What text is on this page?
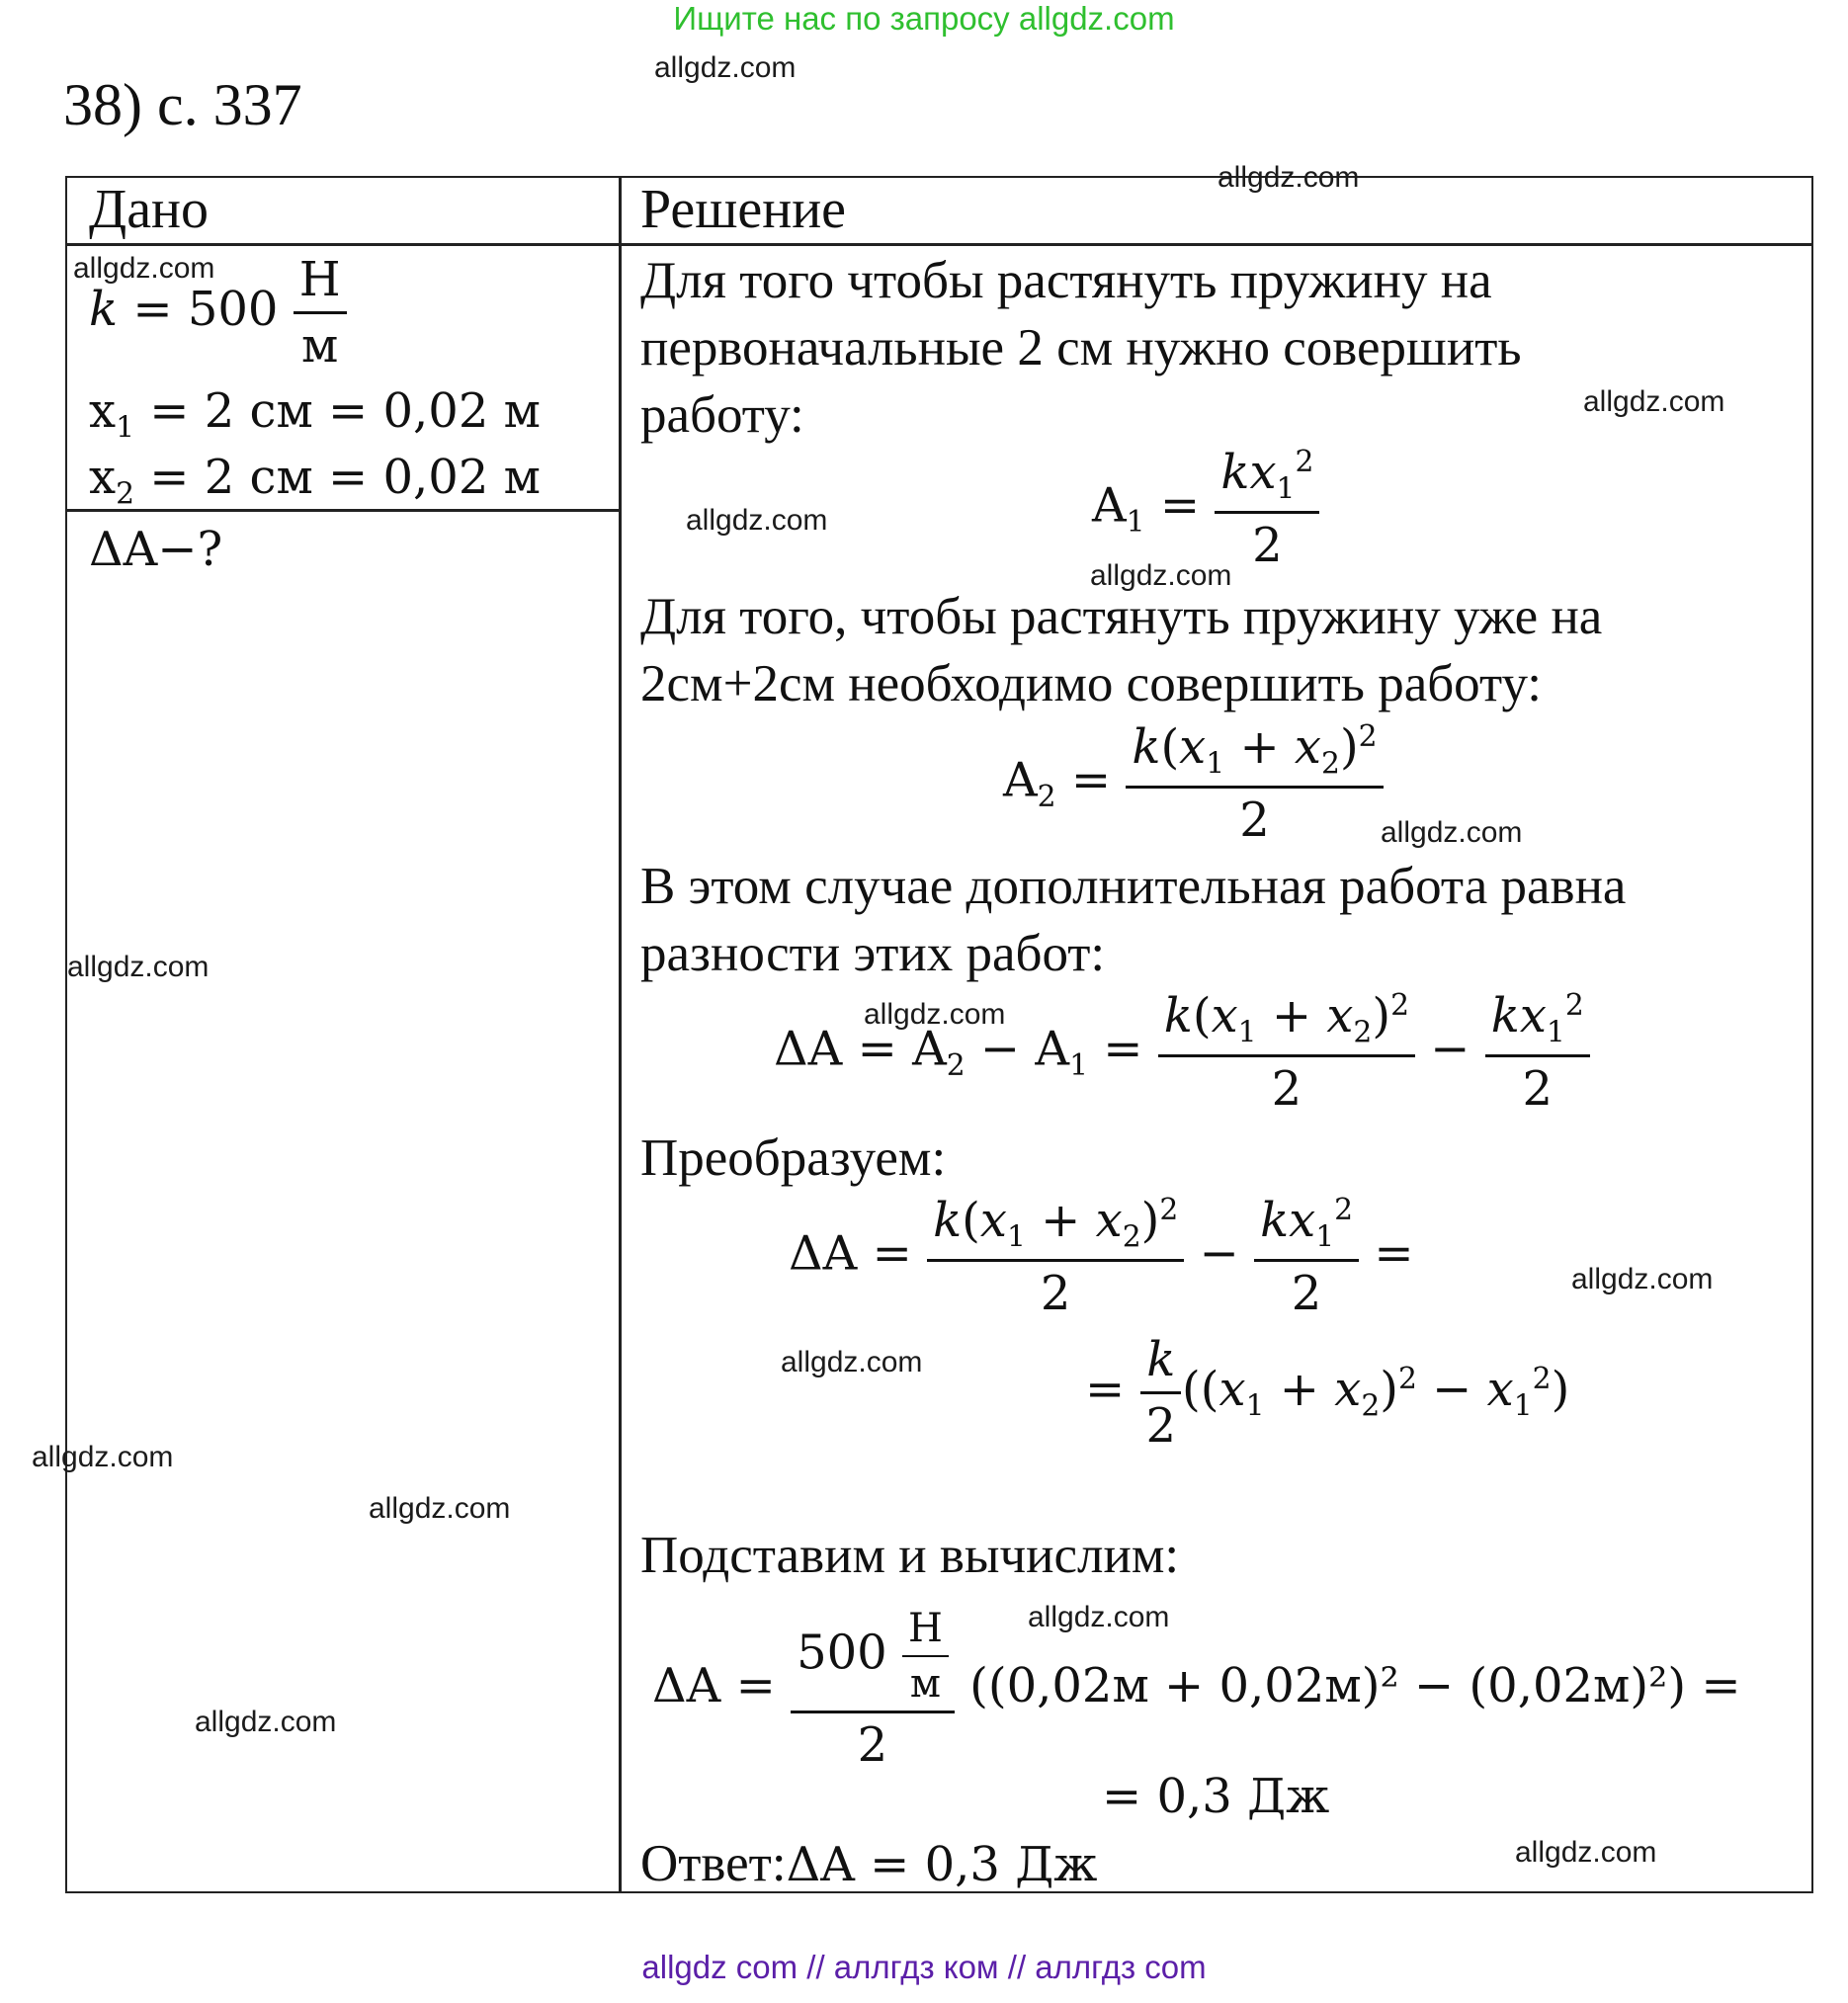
Ищите нас по запросу allgdz.com
38) с. 337
Дано	Решение
$k = 500 \frac{Н}{м}$
$x_1 = 2$ см = 0,02 м
$x_2 = 2$ см = 0,02 м
ΔA−?
Для того чтобы растянуть пружину на первоначальные 2 см нужно совершить работу:
$A_1 = \frac{kx_1^2}{2}$
Для того, чтобы растянуть пружину уже на 2см+2см необходимо совершить работу:
$A_2 = \frac{k(x_1 + x_2)^2}{2}$
В этом случае дополнительная работа равна разности этих работ:
$\Delta A = A_2 - A_1 = \frac{k(x_1 + x_2)^2}{2} - \frac{kx_1^2}{2}$
Преобразуем:
$\Delta A = \frac{k(x_1 + x_2)^2}{2} - \frac{kx_1^2}{2}$ =
= $\frac{k}{2} ((x_1 + x_2)^2 - x_1^2)$
Подставим и вычислим:
$\Delta A = \frac{500 \frac{Н}{м}}{2} ((0,02м + 0,02м)^2 - (0,02м)^2)$ =
= 0,3 Дж
Ответ:ΔA = 0,3 Дж
allgdz.com
allgdz.com
allgdz.com
allgdz.com
allgdz.com
allgdz.com
allgdz.com
allgdz.com
allgdz.com
allgdz.com
allgdz.com
allgdz.com
allgdz.com
allgdz.com
allgdz.com
allgdz.com
allgdz com // аллгдз ком // аллгдз com
